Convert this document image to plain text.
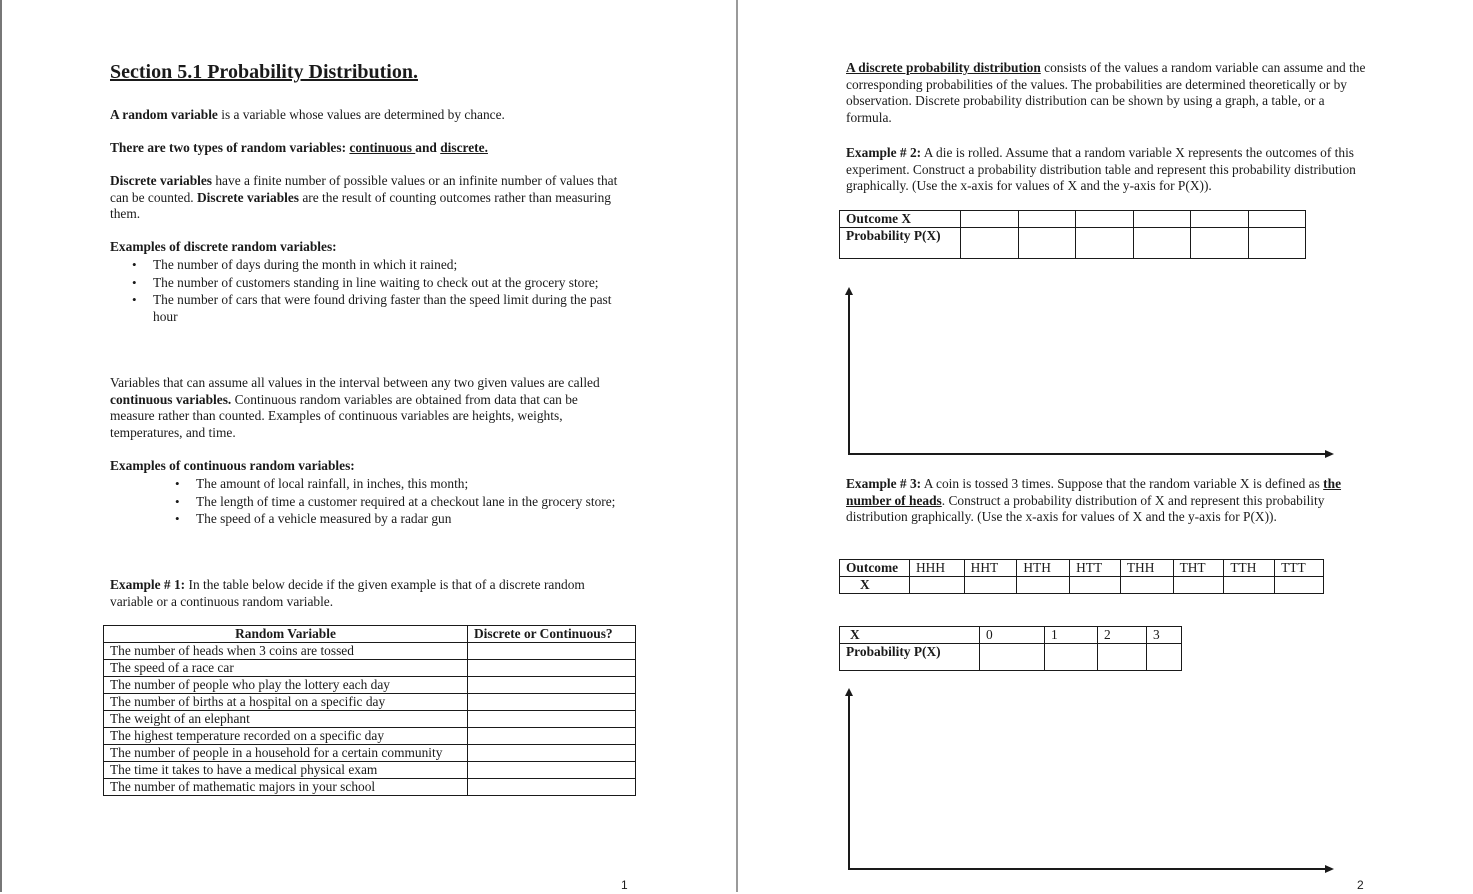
Section 5.1 Probability Distribution.
A random variable is a variable whose values are determined by chance.
There are two types of random variables: continuous and discrete.
Discrete variables have a finite number of possible values or an infinite number of values that can be counted. Discrete variables are the result of counting outcomes rather than measuring them.
Examples of discrete random variables:
• The number of days during the month in which it rained;
• The number of customers standing in line waiting to check out at the grocery store;
• The number of cars that were found driving faster than the speed limit during the past hour
Variables that can assume all values in the interval between any two given values are called continuous variables. Continuous random variables are obtained from data that can be measure rather than counted. Examples of continuous variables are heights, weights, temperatures, and time.
Examples of continuous random variables:
• The amount of local rainfall, in inches, this month;
• The length of time a customer required at a checkout lane in the grocery store;
• The speed of a vehicle measured by a radar gun
Example # 1: In the table below decide if the given example is that of a discrete random variable or a continuous random variable.
Random Variable	Discrete or Continuous?
The number of heads when 3 coins are tossed	
The speed of a race car	
The number of people who play the lottery each day	
The number of births at a hospital on a specific day	
The weight of an elephant	
The highest temperature recorded on a specific day	
The number of people in a household for a certain community	
The time it takes to have a medical physical exam	
The number of mathematic majors in your school	
1
A discrete probability distribution consists of the values a random variable can assume and the corresponding probabilities of the values. The probabilities are determined theoretically or by observation. Discrete probability distribution can be shown by using a graph, a table, or a formula.
Example # 2: A die is rolled. Assume that a random variable X represents the outcomes of this experiment. Construct a probability distribution table and represent this probability distribution graphically. (Use the x-axis for values of X and the y-axis for P(X)).
Outcome X						
Probability P(X)						
Example # 3: A coin is tossed 3 times. Suppose that the random variable X is defined as the number of heads. Construct a probability distribution of X and represent this probability distribution graphically. (Use the x-axis for values of X and the y-axis for P(X)).
Outcome	HHH	HHT	HTH	HTT	THH	THT	TTH	TTT
X								
X	0	1	2	3
Probability P(X)				
2
